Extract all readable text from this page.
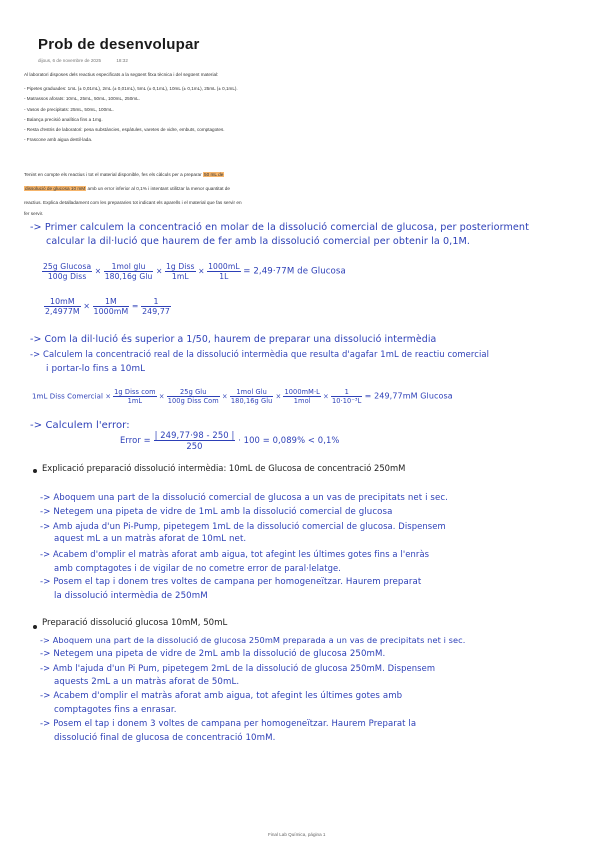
Prob de desenvolupar
dijous, 6 de novembre de 2025	18:32
Al laboratori disposes dels reactius especificats a la següent fitxa tècnica i del següent material:
- Pipetes graduades: 1mL (± 0,01mL), 2mL (± 0,01mL), 5mL (± 0,1mL), 10mL (± 0,1mL), 25mL (± 0,1mL).
- Matrassos aforats: 10mL, 25mL, 50mL, 100mL, 250mL.
- Vasos de precipitats: 25mL, 50mL, 100mL.
- Balança precisió analítica fins a 1mg.
- Resta d'estris de laboratori: pesa substàncies, espàtules, varetes de vidre, embuts, comptagotes.
- Frascone amb aigua destil·lada.
Tenint en compte els reactius i tot el material disponible, fes els càlculs per a preparar 50 mL de
dissolució de glucosa 10 mM amb un error inferior al 0,1% i intentant utilitzar la menor quantitat de
reactius. Explica detalladament com les prepararies tot indicant els aparells i el material que fas servir en
fer servir.
-> Primer calculem la concentració en molar de la dissolució comercial de glucosa, per posteriorment
calcular la dil·lució que haurem de fer amb la dissolució comercial per obtenir la 0,1M.
25g Glucosa
100g Diss
×	1mol glu
180,16g Glu
× 1g Diss
1mL
× $\frac{1000mL}{1L} = 2,49\cdot 77M$ de Glucosa
$\frac{10mM}{2,4977M} \times \frac{1M}{1000mM} = \frac{1}{249,77}$
-> Com la dil·lució és superior a 1/50, haurem de preparar una dissolució intermèdia
-> Calculem la concentració real de la dissolució intermèdia que resulta d'agafar 1mL de reactiu comercial
i portar-lo fins a 10mL
1mL Diss Comercial ×
1g Diss com
1mL
×
25g Glu
100g Diss Com
×
1mol Glu
180,16g Glu
×
1000mM·L
1mol
× $\frac{1}{\text{10·10⁻³L}} = 249,77mM$ Glucosa
-> Calculem l'error:
Error = $\frac{| 249,77\cdot 98 - 250 |}{250} \cdot 100 = 0,089\% < 0,1\%$
Explicació preparació dissolució intermèdia: 10mL de Glucosa de concentració 250mM
-> Aboquem una part de la dissolució comercial de glucosa a un vas de precipitats net i sec.
-> Netegem una pipeta de vidre de 1mL amb la dissolució comercial de glucosa
-> Amb ajuda d'un Pi-Pump, pipetegem 1mL de la dissolució comercial de glucosa. Dispensem
aquest mL a un matràs aforat de 10mL net.
-> Acabem d'omplir el matràs aforat amb aigua, tot afegint les últimes gotes fins a l'enràs
amb comptagotes i de vigilar de no cometre error de paral·lelatge.
-> Posem el tap i donem tres voltes de campana per homogeneïtzar. Haurem preparat
la dissolució intermèdia de 250mM
Preparació dissolució glucosa 10mM, 50mL
-> Aboquem una part de la dissolució de glucosa 250mM preparada a un vas de precipitats net i sec.
-> Netegem una pipeta de vidre de 2mL amb la dissolució de glucosa 250mM.
-> Amb l'ajuda d'un Pi Pum, pipetegem 2mL de la dissolució de glucosa 250mM. Dispensem
aquests 2mL a un matràs aforat de 50mL.
-> Acabem d'omplir el matràs aforat amb aigua, tot afegint les últimes gotes amb
comptagotes fins a enrasar.
-> Posem el tap i donem 3 voltes de campana per homogeneïtzar. Haurem Preparat la
dissolució final de glucosa de concentració 10mM.
Final Lab Química, página 1
